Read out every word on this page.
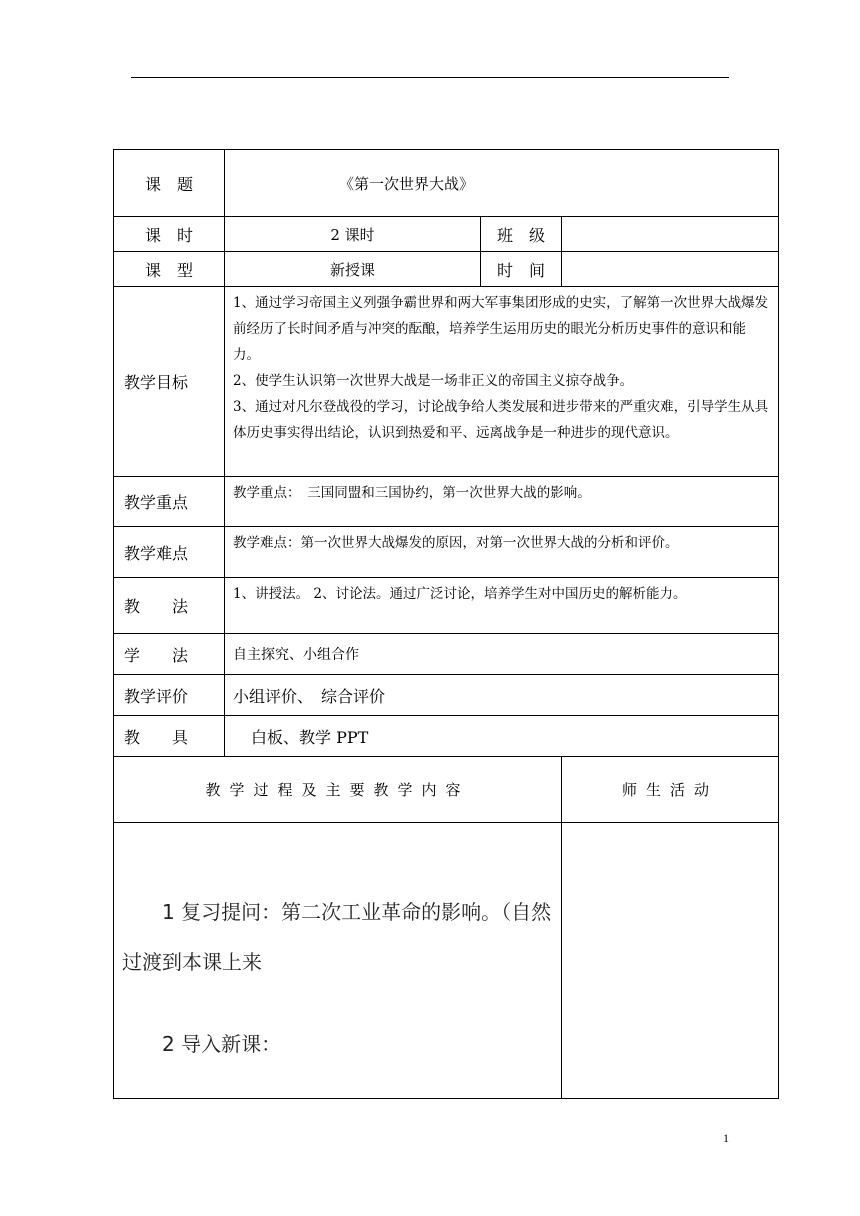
课　题	《第一次世界大战》		
课　时	2 课时	班　级	
课　型	新授课	时　间	
教学目标	1、通过学习帝国主义列强争霸世界和两大军事集团形成的史实，了解第一次世界大战爆发前经历了长时间矛盾与冲突的酝酿，培养学生运用历史的眼光分析历史事件的意识和能力。
2、使学生认识第一次世界大战是一场非正义的帝国主义掠夺战争。
3、通过对凡尔登战役的学习，讨论战争给人类发展和进步带来的严重灾难，引导学生从具体历史事实得出结论，认识到热爱和平、远离战争是一种进步的现代意识。		

教学重点	教学重点：　三国同盟和三国协约，第一次世界大战的影响。		
教学难点	教学难点：第一次世界大战爆发的原因，对第一次世界大战的分析和评价。		
教　　法	1、讲授法。 2、讨论法。通过广泛讨论，培养学生对中国历史的解析能力。		
学　　法	自主探究、小组合作		
教学评价	小组评价、　综合评价		
教　　具	白板、教学 PPT		
教学过程及主要教学内容			师生活动

1 复习提问：第二次工业革命的影响。（自然

过渡到本课上来

2 导入新课：			

1
